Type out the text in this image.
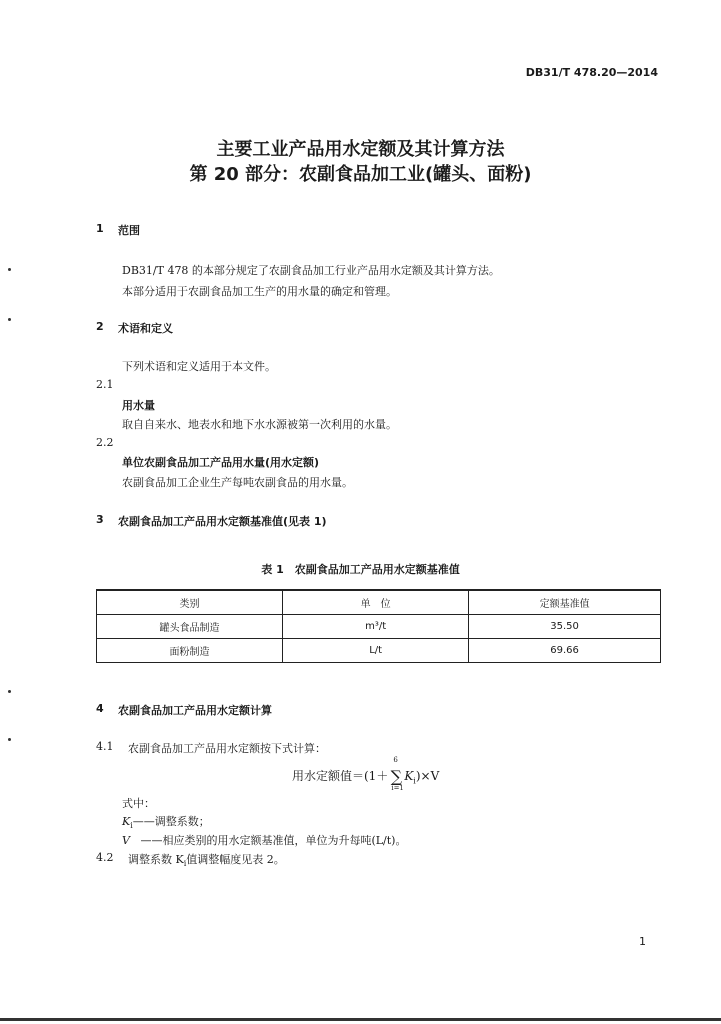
DB31/T 478.20—2014
主要工业产品用水定额及其计算方法
第 20 部分：农副食品加工业(罐头、面粉)
1 范围
DB31/T 478 的本部分规定了农副食品加工行业产品用水定额及其计算方法。
本部分适用于农副食品加工生产的用水量的确定和管理。
2 术语和定义
下列术语和定义适用于本文件。
2.1
用水量
取自自来水、地表水和地下水水源被第一次利用的水量。
2.2
单位农副食品加工产品用水量(用水定额)
农副食品加工企业生产每吨农副食品的用水量。
3 农副食品加工产品用水定额基准值(见表 1)
表 1　农副食品加工产品用水定额基准值
类别	单　位	定额基准值
罐头食品制造	m³/t	35.50
面粉制造	L/t	69.66
4 农副食品加工产品用水定额计算
4.1 农副食品加工产品用水定额按下式计算：
用水定额值＝(1＋
6
∑
i=1
$K_i)\times V$
式中：
$K_i——$调整系数；
V ——相应类别的用水定额基准值，单位为升每吨(L/t)。
4.2 调整系数 $K_i$值调整幅度见表 2。
1
